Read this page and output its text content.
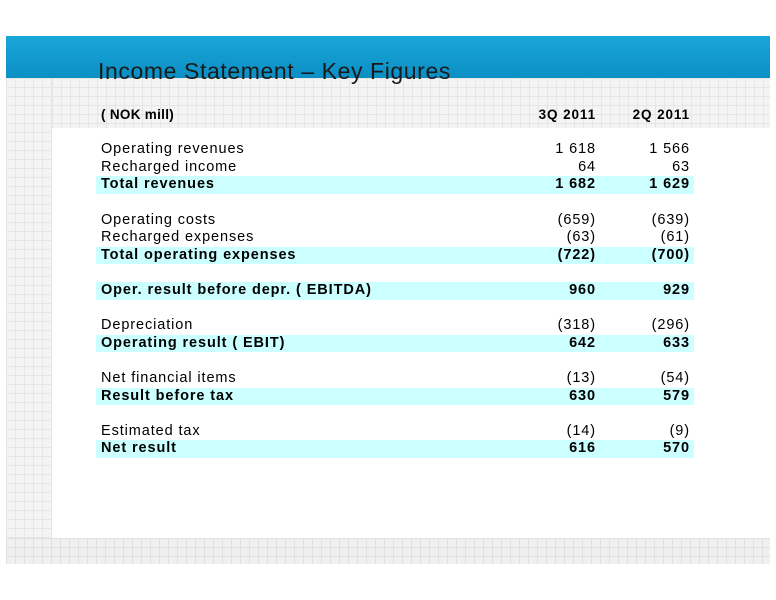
Income Statement – Key Figures
( NOK mill)	3Q 2011	2Q 2011
Operating revenues	1 618	1 566
Recharged income	64	63
Total revenues	1 682	1 629
Operating costs	(659)	(639)
Recharged expenses	(63)	(61)
Total operating expenses	(722)	(700)
Oper. result before depr. ( EBITDA)	960	929
Depreciation	(318)	(296)
Operating result ( EBIT)	642	633
Net financial items	(13)	(54)
Result before tax	630	579
Estimated tax	(14)	(9)
Net result	616	570
